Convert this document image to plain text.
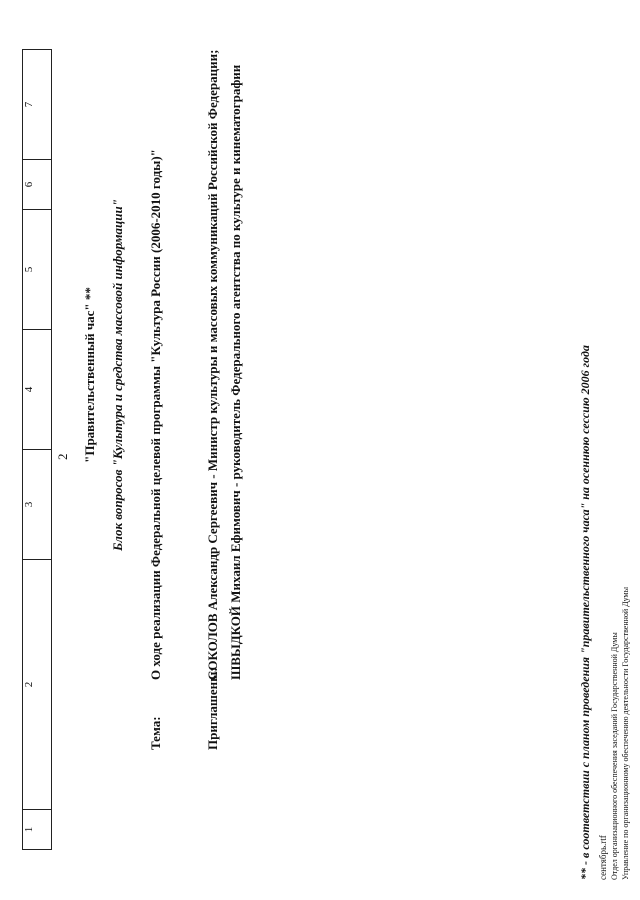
1	2	3	4	5	6	7
2 "Правительственный час" ** Блок вопросов "Культура и средства массовой информации"
Тема:
О ходе реализации Федеральной целевой программы "Культура России (2006-2010 годы)"
Приглашены:
СОКОЛОВ Александр Сергеевич - Министр культуры и массовых коммуникаций Российской Федерации; ШВЫДКОЙ Михаил Ефимович - руководитель Федерального агентства по культуре и кинематографии	** - в соответствии с планом проведения "правительственного часа" на осеннюю сессию 2006 года сентябрь.rtf Отдел организационного обеспечения заседаний Государственной Думы Управление по организационному обеспечению деятельности Государственной Думы
